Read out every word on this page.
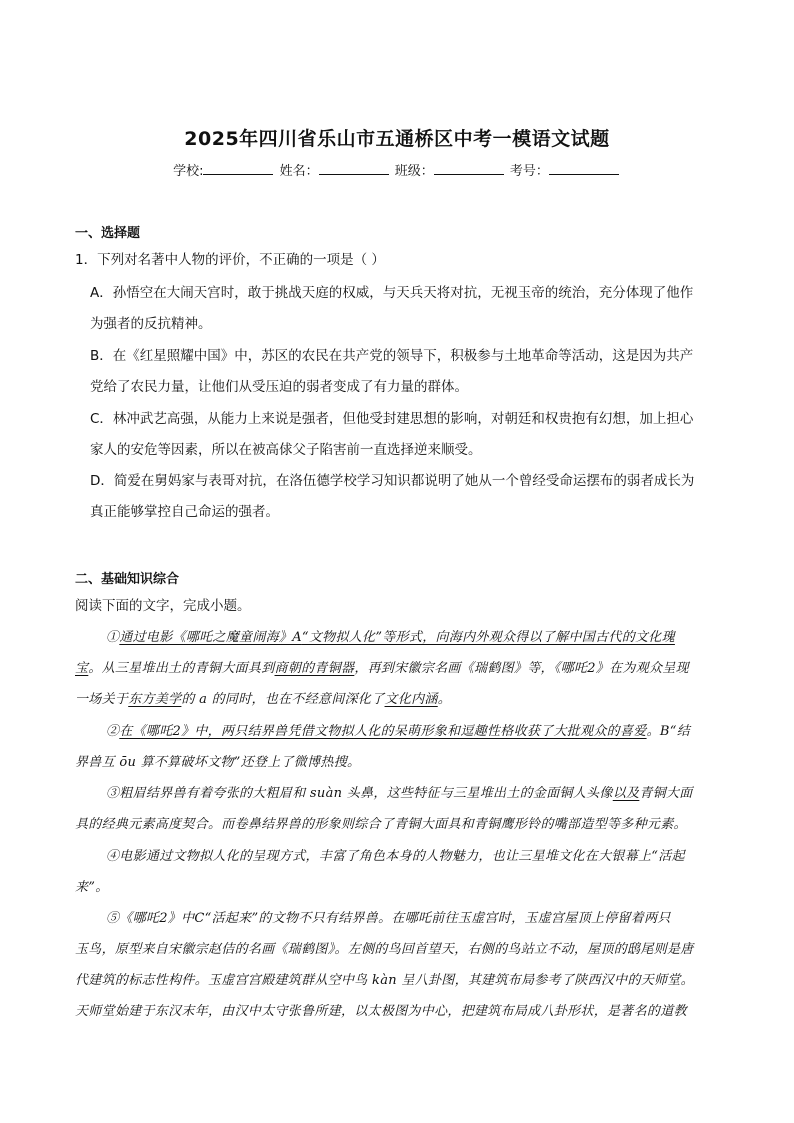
2025年四川省乐山市五通桥区中考一模语文试题
学校:	姓名：	班级：	考号：
一、选择题
1．下列对名著中人物的评价，不正确的一项是（ ）
A．孙悟空在大闹天宫时，敢于挑战天庭的权威，与天兵天将对抗，无视玉帝的统治，充分体现了他作
为强者的反抗精神。
B．在《红星照耀中国》中，苏区的农民在共产党的领导下，积极参与土地革命等活动，这是因为共产
党给了农民力量，让他们从受压迫的弱者变成了有力量的群体。
C．林冲武艺高强，从能力上来说是强者，但他受封建思想的影响，对朝廷和权贵抱有幻想，加上担心
家人的安危等因素，所以在被高俅父子陷害前一直选择逆来顺受。
D．简爱在舅妈家与表哥对抗，在洛伍德学校学习知识都说明了她从一个曾经受命运摆布的弱者成长为
真正能够掌控自己命运的强者。
二、基础知识综合
阅读下面的文字，完成小题。
①通过电影《哪吒之魔童闹海》A“文物拟人化”等形式，向海内外观众得以了解中国古代的文化瑰
宝。从三星堆出土的青铜大面具到商朝的青铜器，再到宋徽宗名画《瑞鹤图》等，《哪吒2》在为观众呈现
一场关于东方美学的 a 的同时，也在不经意间深化了文化内涵。
②在《哪吒2》中，两只结界兽凭借文物拟人化的呆萌形象和逗趣性格收获了大批观众的喜爱。B“结
界兽互 ōu 算不算破坏文物”还登上了微博热搜。
③粗眉结界兽有着夸张的大粗眉和 suàn 头鼻，这些特征与三星堆出土的金面铜人头像以及青铜大面
具的经典元素高度契合。而卷鼻结界兽的形象则综合了青铜大面具和青铜鹰形铃的嘴部造型等多种元素。
④电影通过文物拟人化的呈现方式，丰富了角色本身的人物魅力，也让三星堆文化在大银幕上“活起
来”。
⑤《哪吒2》中C“活起来”的文物不只有结界兽。在哪吒前往玉虚宫时，玉虚宫屋顶上停留着两只
玉鸟，原型来自宋徽宗赵佶的名画《瑞鹤图》。左侧的鸟回首望天，右侧的鸟站立不动，屋顶的鸱尾则是唐
代建筑的标志性构件。玉虚宫宫殿建筑群从空中鸟 kàn 呈八卦图，其建筑布局参考了陕西汉中的天师堂。
天师堂始建于东汉末年，由汉中太守张鲁所建，以太极图为中心，把建筑布局成八卦形状，是著名的道教
